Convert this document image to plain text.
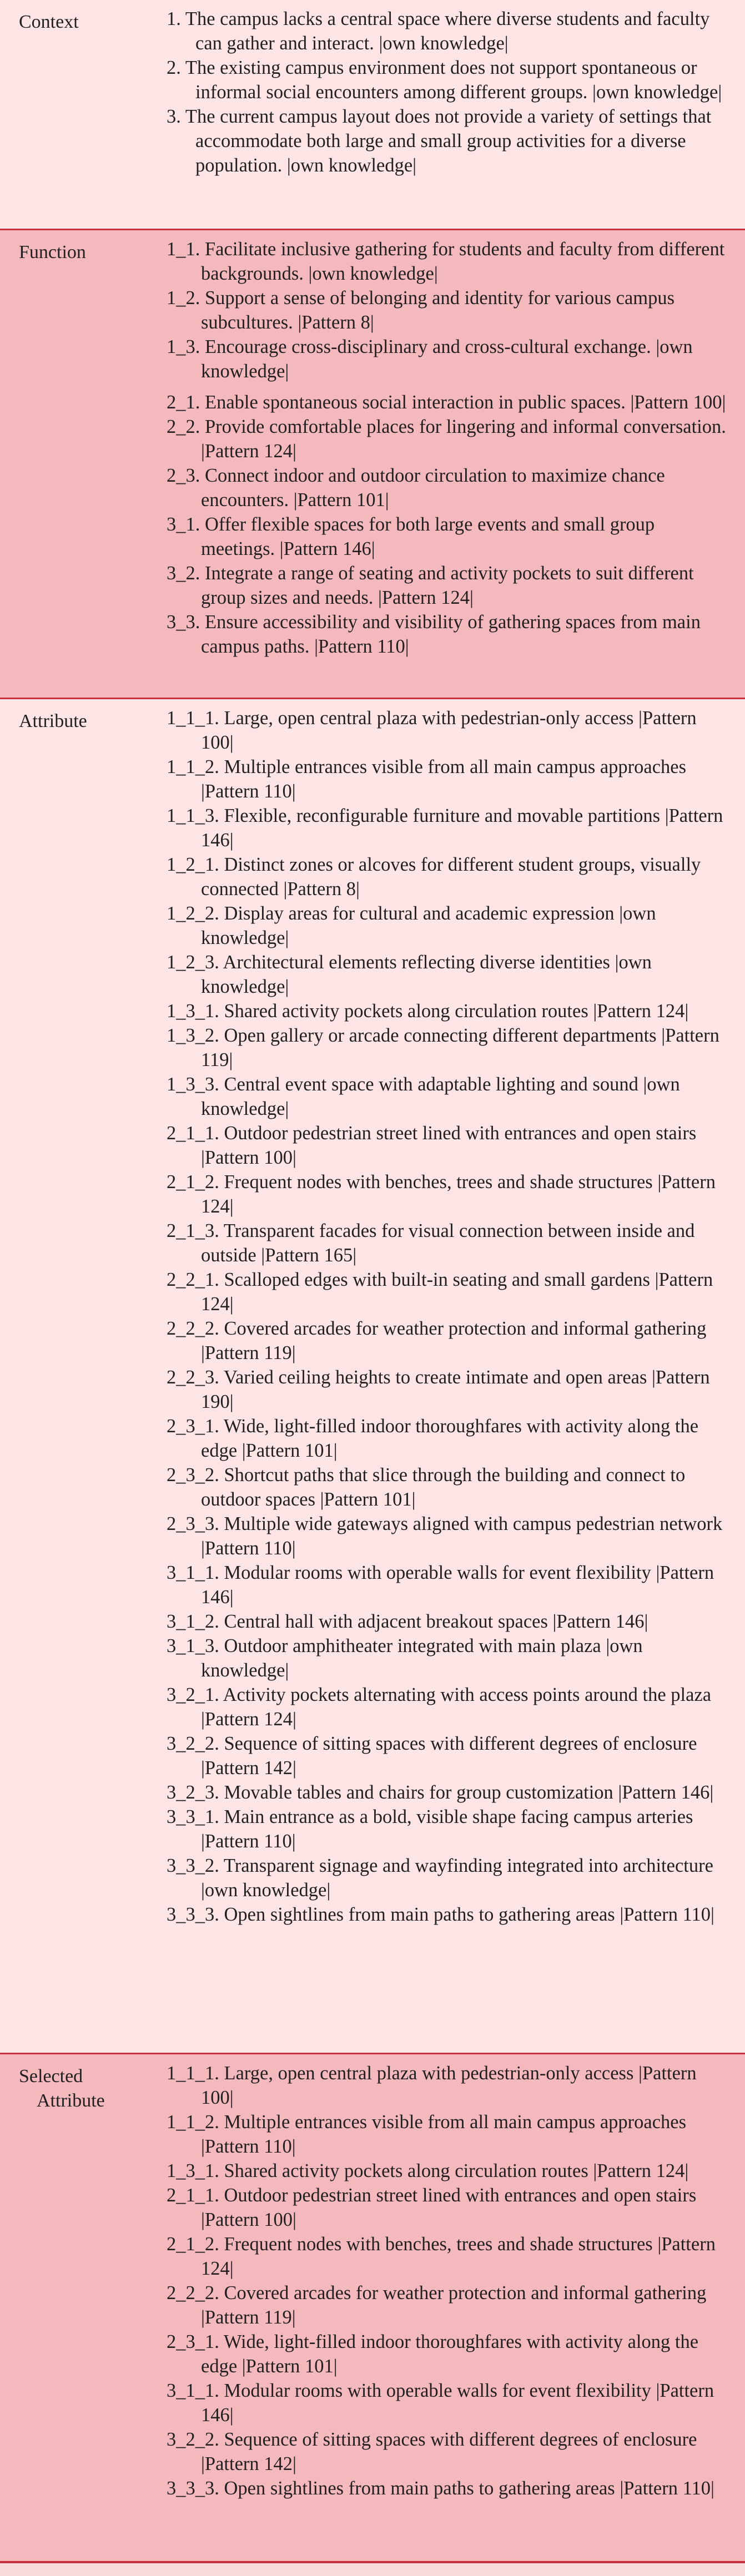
Context	1. The campus lacks a central space where diverse students and faculty can gather and interact. |own knowledge|

2. The existing campus environment does not support spontaneous or informal social encounters among different groups. |own knowledge|

3. The current campus layout does not provide a variety of settings that accommodate both large and small group activities for a diverse population. |own knowledge|

Function	1_1. Facilitate inclusive gathering for students and faculty from different backgrounds. |own knowledge|

1_2. Support a sense of belonging and identity for various campus subcultures. |Pattern 8|

1_3. Encourage cross-disciplinary and cross-cultural exchange. |own knowledge|

2_1. Enable spontaneous social interaction in public spaces. |Pattern 100|

2_2. Provide comfortable places for lingering and informal conversation. |Pattern 124|

2_3. Connect indoor and outdoor circulation to maximize chance encounters. |Pattern 101|

3_1. Offer flexible spaces for both large events and small group meetings. |Pattern 146|

3_2. Integrate a range of seating and activity pockets to suit different group sizes and needs. |Pattern 124|

3_3. Ensure accessibility and visibility of gathering spaces from main campus paths. |Pattern 110|

Attribute	1_1_1. Large, open central plaza with pedestrian-only access |Pattern 100|

1_1_2. Multiple entrances visible from all main campus approaches |Pattern 110|

1_1_3. Flexible, reconfigurable furniture and movable partitions |Pattern 146|

1_2_1. Distinct zones or alcoves for different student groups, visually connected |Pattern 8|

1_2_2. Display areas for cultural and academic expression |own knowledge|

1_2_3. Architectural elements reflecting diverse identities |own knowledge|

1_3_1. Shared activity pockets along circulation routes |Pattern 124|

1_3_2. Open gallery or arcade connecting different departments |Pattern 119|

1_3_3. Central event space with adaptable lighting and sound |own knowledge|

2_1_1. Outdoor pedestrian street lined with entrances and open stairs |Pattern 100|

2_1_2. Frequent nodes with benches, trees and shade structures |Pattern 124|

2_1_3. Transparent facades for visual connection between inside and outside |Pattern 165|

2_2_1. Scalloped edges with built-in seating and small gardens |Pattern 124|

2_2_2. Covered arcades for weather protection and informal gathering |Pattern 119|

2_2_3. Varied ceiling heights to create intimate and open areas |Pattern 190|

2_3_1. Wide, light-filled indoor thoroughfares with activity along the edge |Pattern 101|

2_3_2. Shortcut paths that slice through the building and connect to outdoor spaces |Pattern 101|

2_3_3. Multiple wide gateways aligned with campus pedestrian network |Pattern 110|

3_1_1. Modular rooms with operable walls for event flexibility |Pattern 146|

3_1_2. Central hall with adjacent breakout spaces |Pattern 146|

3_1_3. Outdoor amphitheater integrated with main plaza |own knowledge|

3_2_1. Activity pockets alternating with access points around the plaza |Pattern 124|

3_2_2. Sequence of sitting spaces with different degrees of enclosure |Pattern 142|

3_2_3. Movable tables and chairs for group customization |Pattern 146|

3_3_1. Main entrance as a bold, visible shape facing campus arteries |Pattern 110|

3_3_2. Transparent signage and wayfinding integrated into architecture |own knowledge|

3_3_3. Open sightlines from main paths to gathering areas |Pattern 110|

Selected
Attribute

1_1_1. Large, open central plaza with pedestrian-only access |Pattern 100|

1_1_2. Multiple entrances visible from all main campus approaches |Pattern 110|

1_3_1. Shared activity pockets along circulation routes |Pattern 124|

2_1_1. Outdoor pedestrian street lined with entrances and open stairs |Pattern 100|

2_1_2. Frequent nodes with benches, trees and shade structures |Pattern 124|

2_2_2. Covered arcades for weather protection and informal gathering |Pattern 119|

2_3_1. Wide, light-filled indoor thoroughfares with activity along the edge |Pattern 101|

3_1_1. Modular rooms with operable walls for event flexibility |Pattern 146|

3_2_2. Sequence of sitting spaces with different degrees of enclosure |Pattern 142|

3_3_3. Open sightlines from main paths to gathering areas |Pattern 110|
